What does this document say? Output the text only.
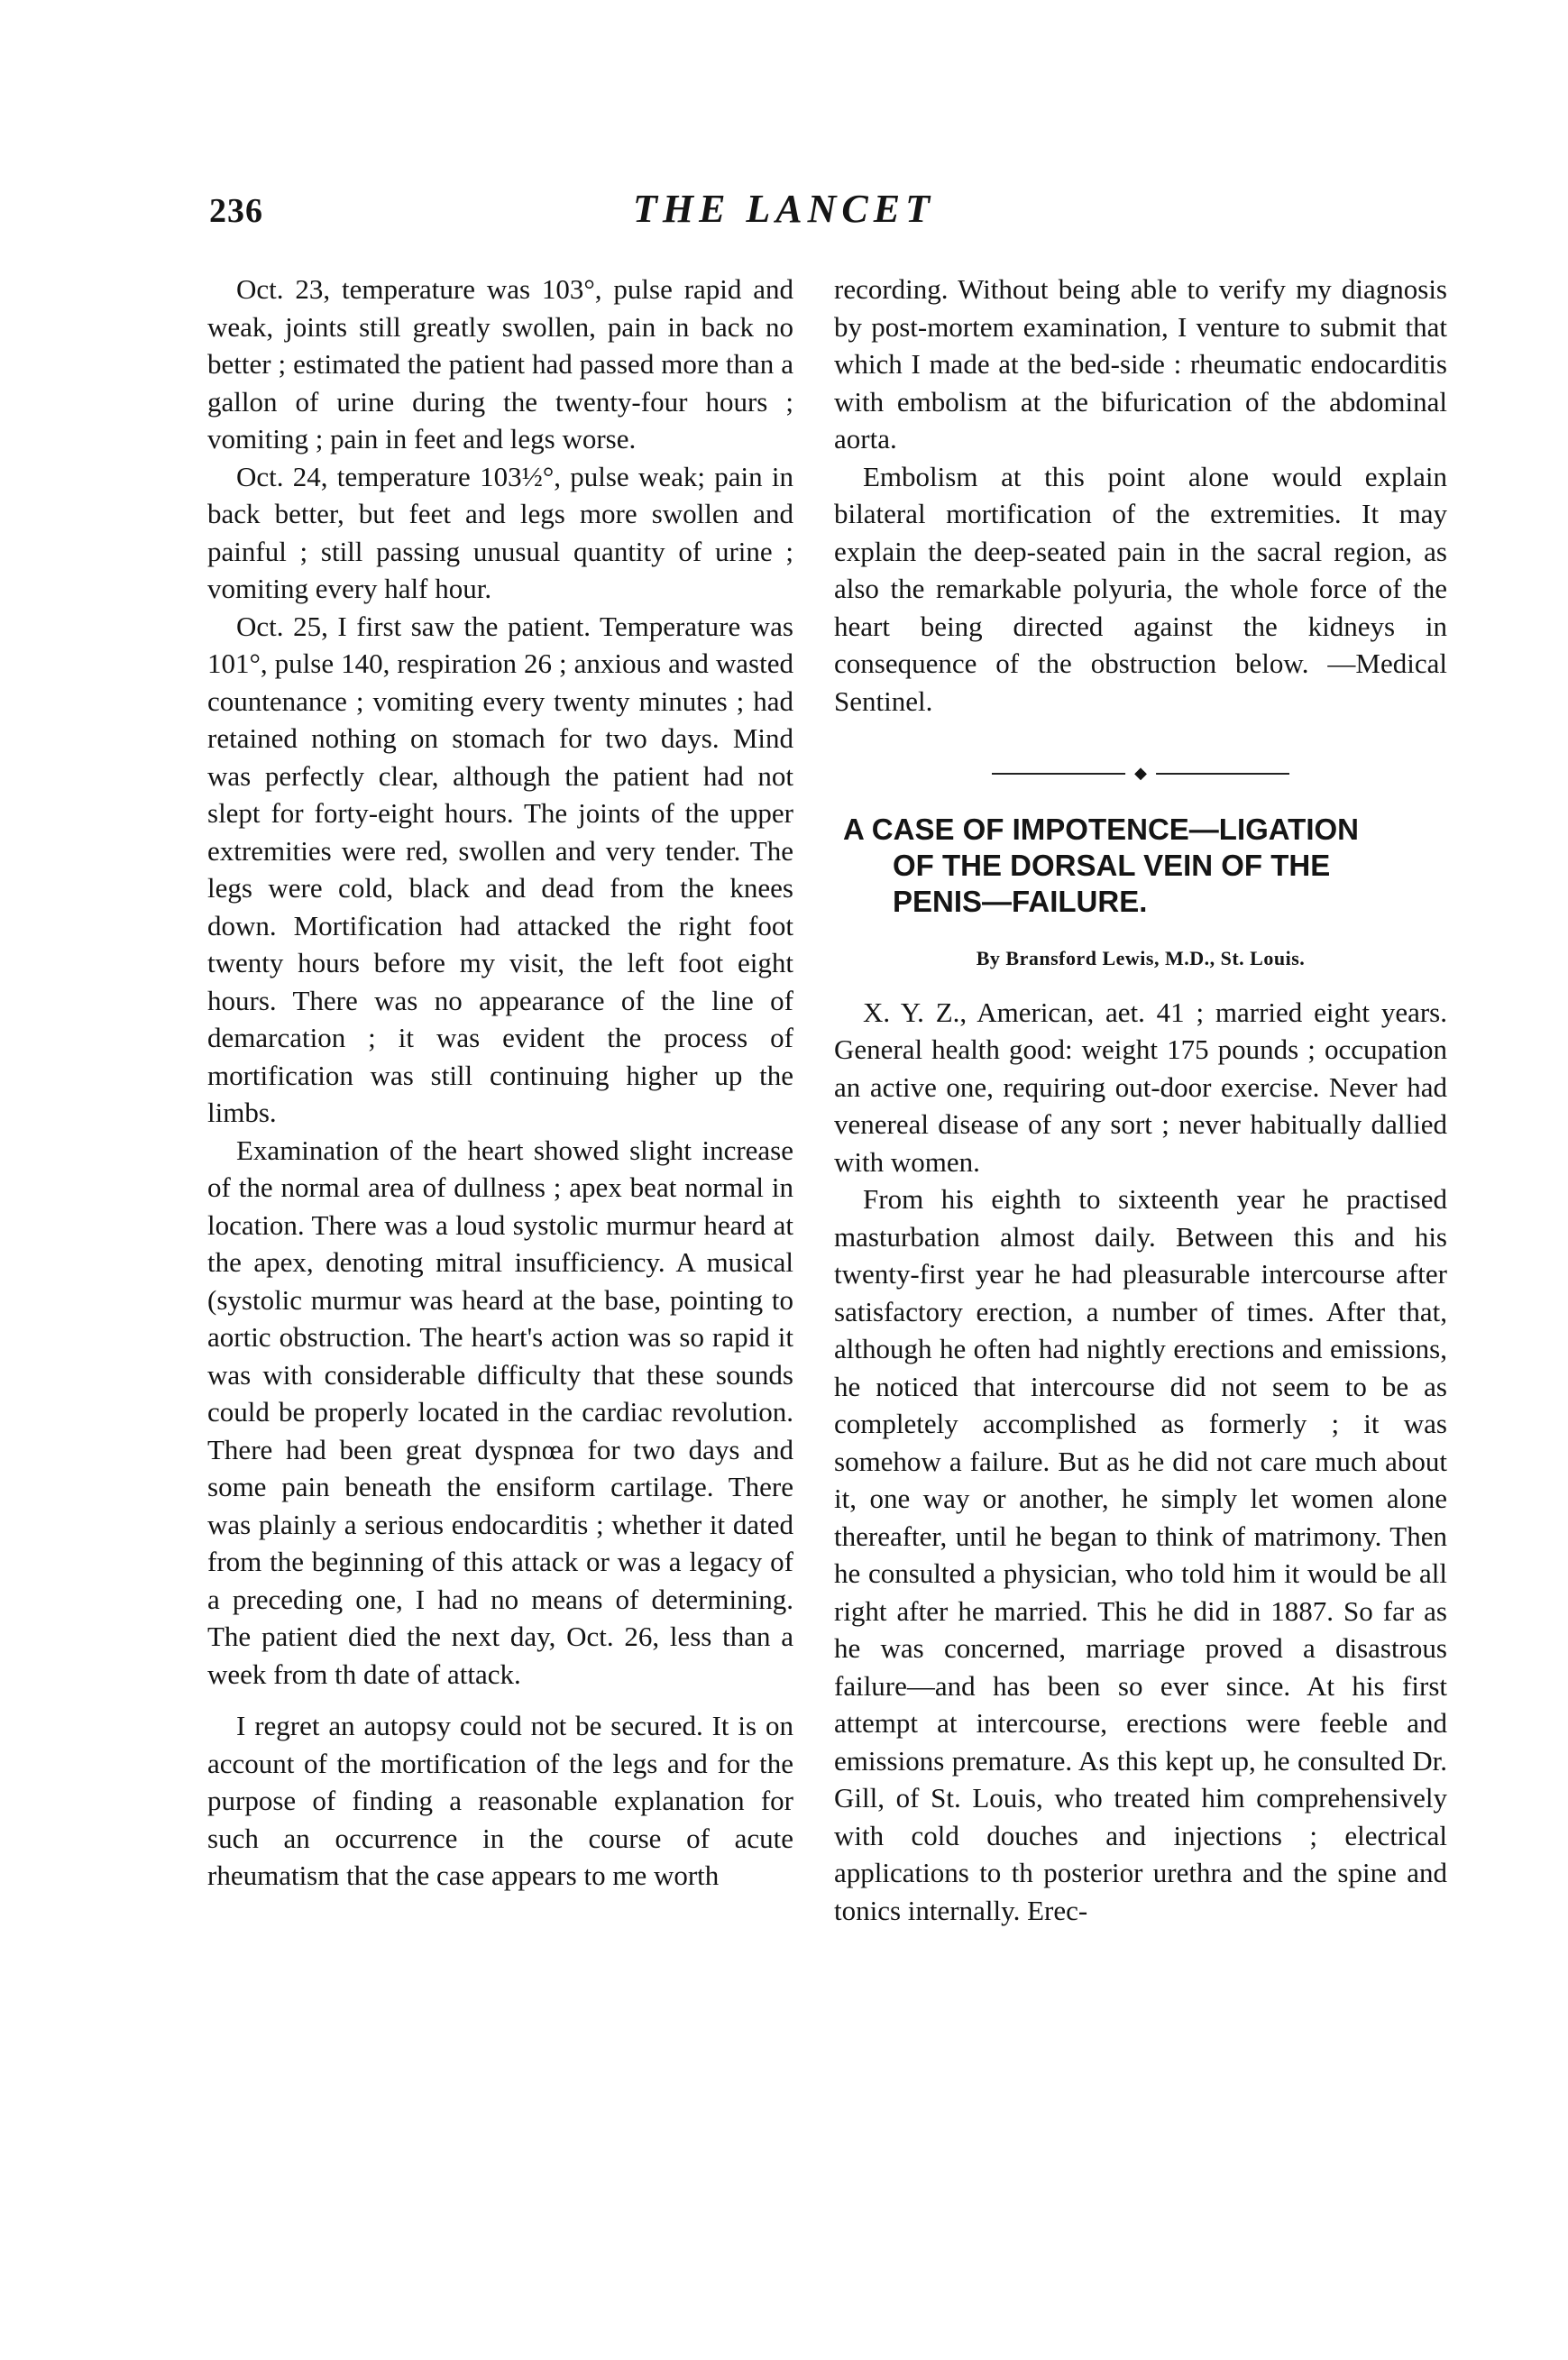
236	THE LANCET

Oct. 23, temperature was 103°, pulse rapid and weak, joints still greatly swollen, pain in back no better ; estimated the patient had passed more than a gallon of urine during the twenty-four hours ; vomiting ; pain in feet and legs worse.

Oct. 24, temperature 103½°, pulse weak; pain in back better, but feet and legs more swollen and painful ; still passing unusual quantity of urine ; vomiting every half hour.

Oct. 25, I first saw the patient. Temperature was 101°, pulse 140, respiration 26 ; anxious and wasted countenance ; vomiting every twenty minutes ; had retained nothing on stomach for two days. Mind was perfectly clear, although the patient had not slept for forty-eight hours. The joints of the upper extremities were red, swollen and very tender. The legs were cold, black and dead from the knees down. Mortification had attacked the right foot twenty hours before my visit, the left foot eight hours. There was no appearance of the line of demarcation ; it was evident the process of mortification was still continuing higher up the limbs.

Examination of the heart showed slight increase of the normal area of dullness ; apex beat normal in location. There was a loud systolic murmur heard at the apex, denoting mitral insufficiency. A musical (systolic murmur was heard at the base, pointing to aortic obstruction. The heart's action was so rapid it was with considerable difficulty that these sounds could be properly located in the cardiac revolution. There had been great dyspnœa for two days and some pain beneath the ensiform cartilage. There was plainly a serious endocarditis ; whether it dated from the beginning of this attack or was a legacy of a preceding one, I had no means of determining. The patient died the next day, Oct. 26, less than a week from th date of attack.

I regret an autopsy could not be secured. It is on account of the mortification of the legs and for the purpose of finding a reasonable explanation for such an occurrence in the course of acute rheumatism that the case appears to me worth

recording. Without being able to verify my diagnosis by post-mortem examination, I venture to submit that which I made at the bed-side : rheumatic endocarditis with embolism at the bifurication of the abdominal aorta.

Embolism at this point alone would explain bilateral mortification of the extremities. It may explain the deep-seated pain in the sacral region, as also the remarkable polyuria, the whole force of the heart being directed against the kidneys in consequence of the obstruction below. —Medical Sentinel.

◆
A CASE OF IMPOTENCE—LIGATION
OF THE DORSAL VEIN OF THE
PENIS—FAILURE.
By Bransford Lewis, M.D., St. Louis.

X. Y. Z., American, aet. 41 ; married eight years. General health good: weight 175 pounds ; occupation an active one, requiring out-door exercise. Never had venereal disease of any sort ; never habitually dallied with women.

From his eighth to sixteenth year he practised masturbation almost daily. Between this and his twenty-first year he had pleasurable intercourse after satisfactory erection, a number of times. After that, although he often had nightly erections and emissions, he noticed that intercourse did not seem to be as completely accomplished as formerly ; it was somehow a failure. But as he did not care much about it, one way or another, he simply let women alone thereafter, until he began to think of matrimony. Then he consulted a physician, who told him it would be all right after he married. This he did in 1887. So far as he was concerned, marriage proved a disastrous failure—and has been so ever since. At his first attempt at intercourse, erections were feeble and emissions premature. As this kept up, he consulted Dr. Gill, of St. Louis, who treated him comprehensively with cold douches and injections ; electrical applications to th posterior urethra and the spine and tonics internally. Erec-
